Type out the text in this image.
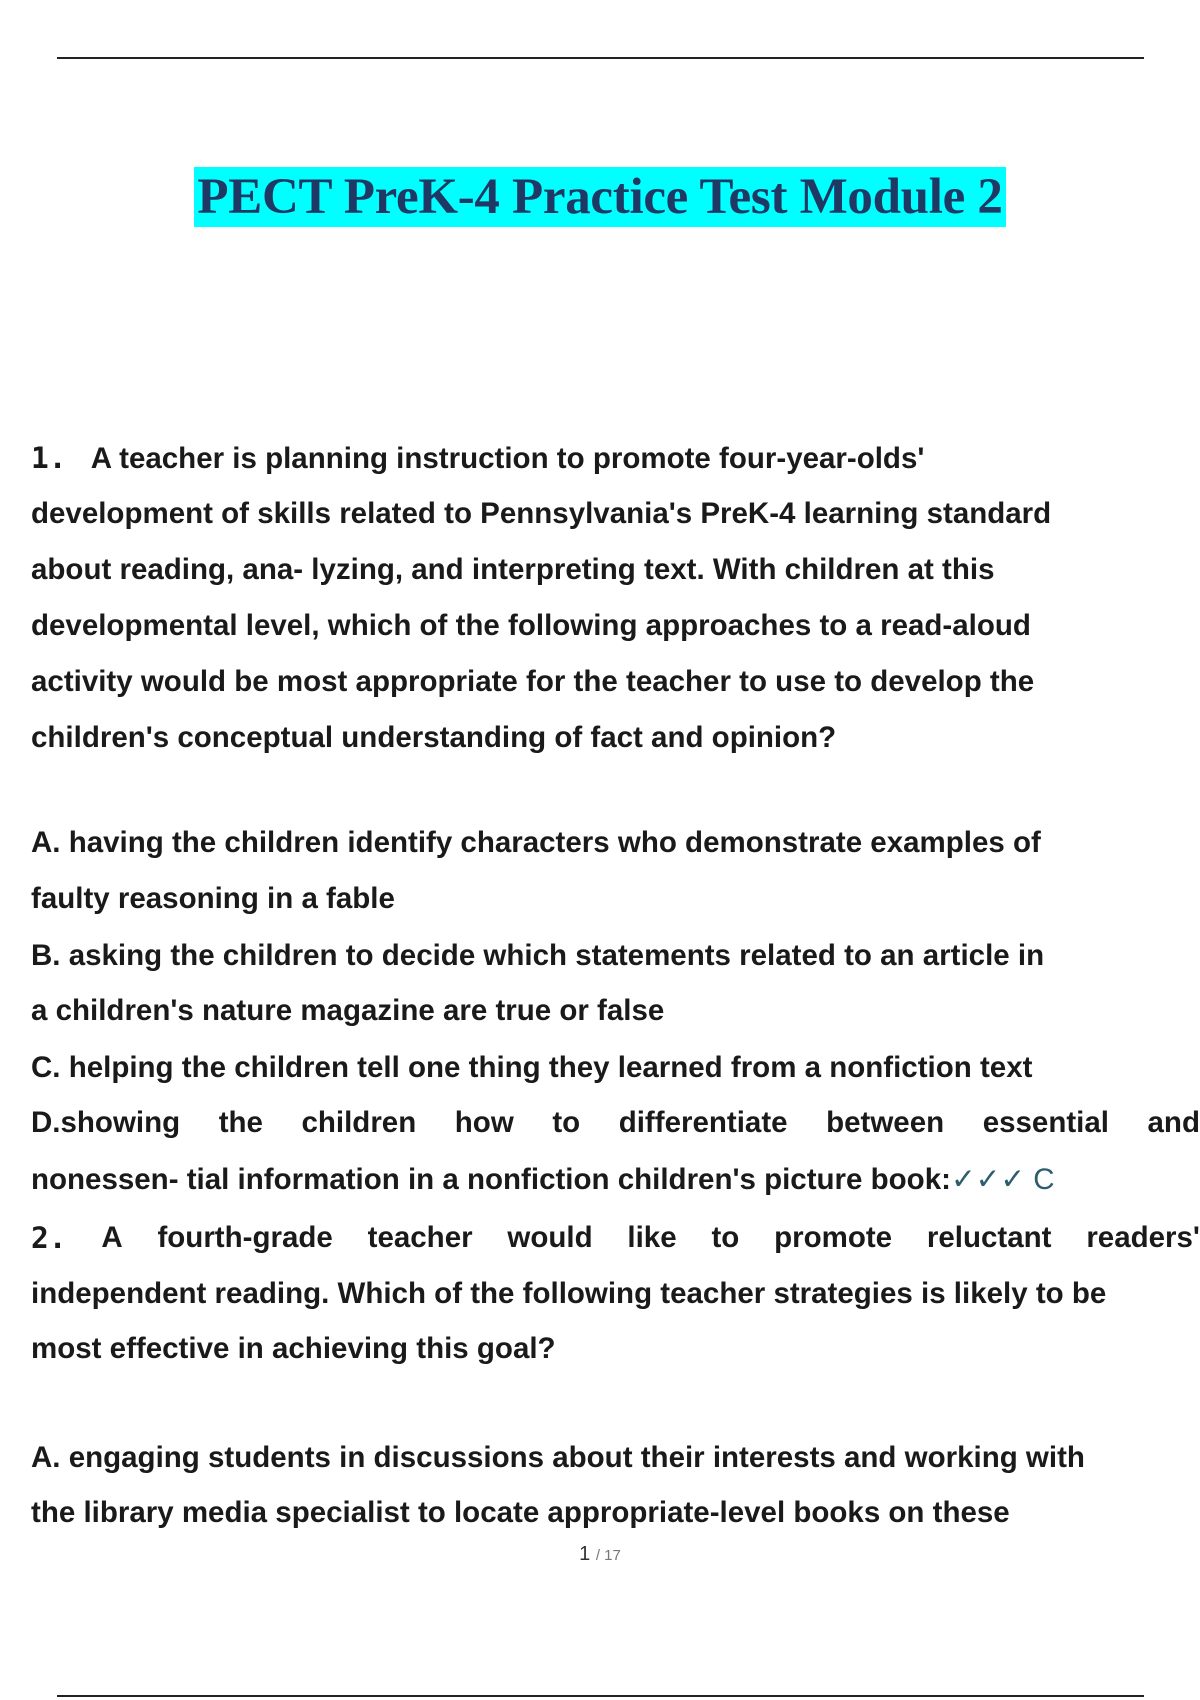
PECT PreK-4 Practice Test Module 2
1. A teacher is planning instruction to promote four-year-olds'
development of skills related to Pennsylvania's PreK-4 learning standard
about reading, ana- lyzing, and interpreting text. With children at this
developmental level, which of the following approaches to a read-aloud
activity would be most appropriate for the teacher to use to develop the
children's conceptual understanding of fact and opinion?
A. having the children identify characters who demonstrate examples of
faulty reasoning in a fable
B. asking the children to decide which statements related to an article in
a children's nature magazine are true or false
C. helping the children tell one thing they learned from a nonfiction text
D.showing the children how to differentiate between essential and
nonessen- tial information in a nonfiction children's picture book:✓✓✓ C
2. A fourth-grade teacher would like to promote reluctant readers'
independent reading. Which of the following teacher strategies is likely to be
most effective in achieving this goal?
A. engaging students in discussions about their interests and working with
the library media specialist to locate appropriate-level books on these
1 / 17
